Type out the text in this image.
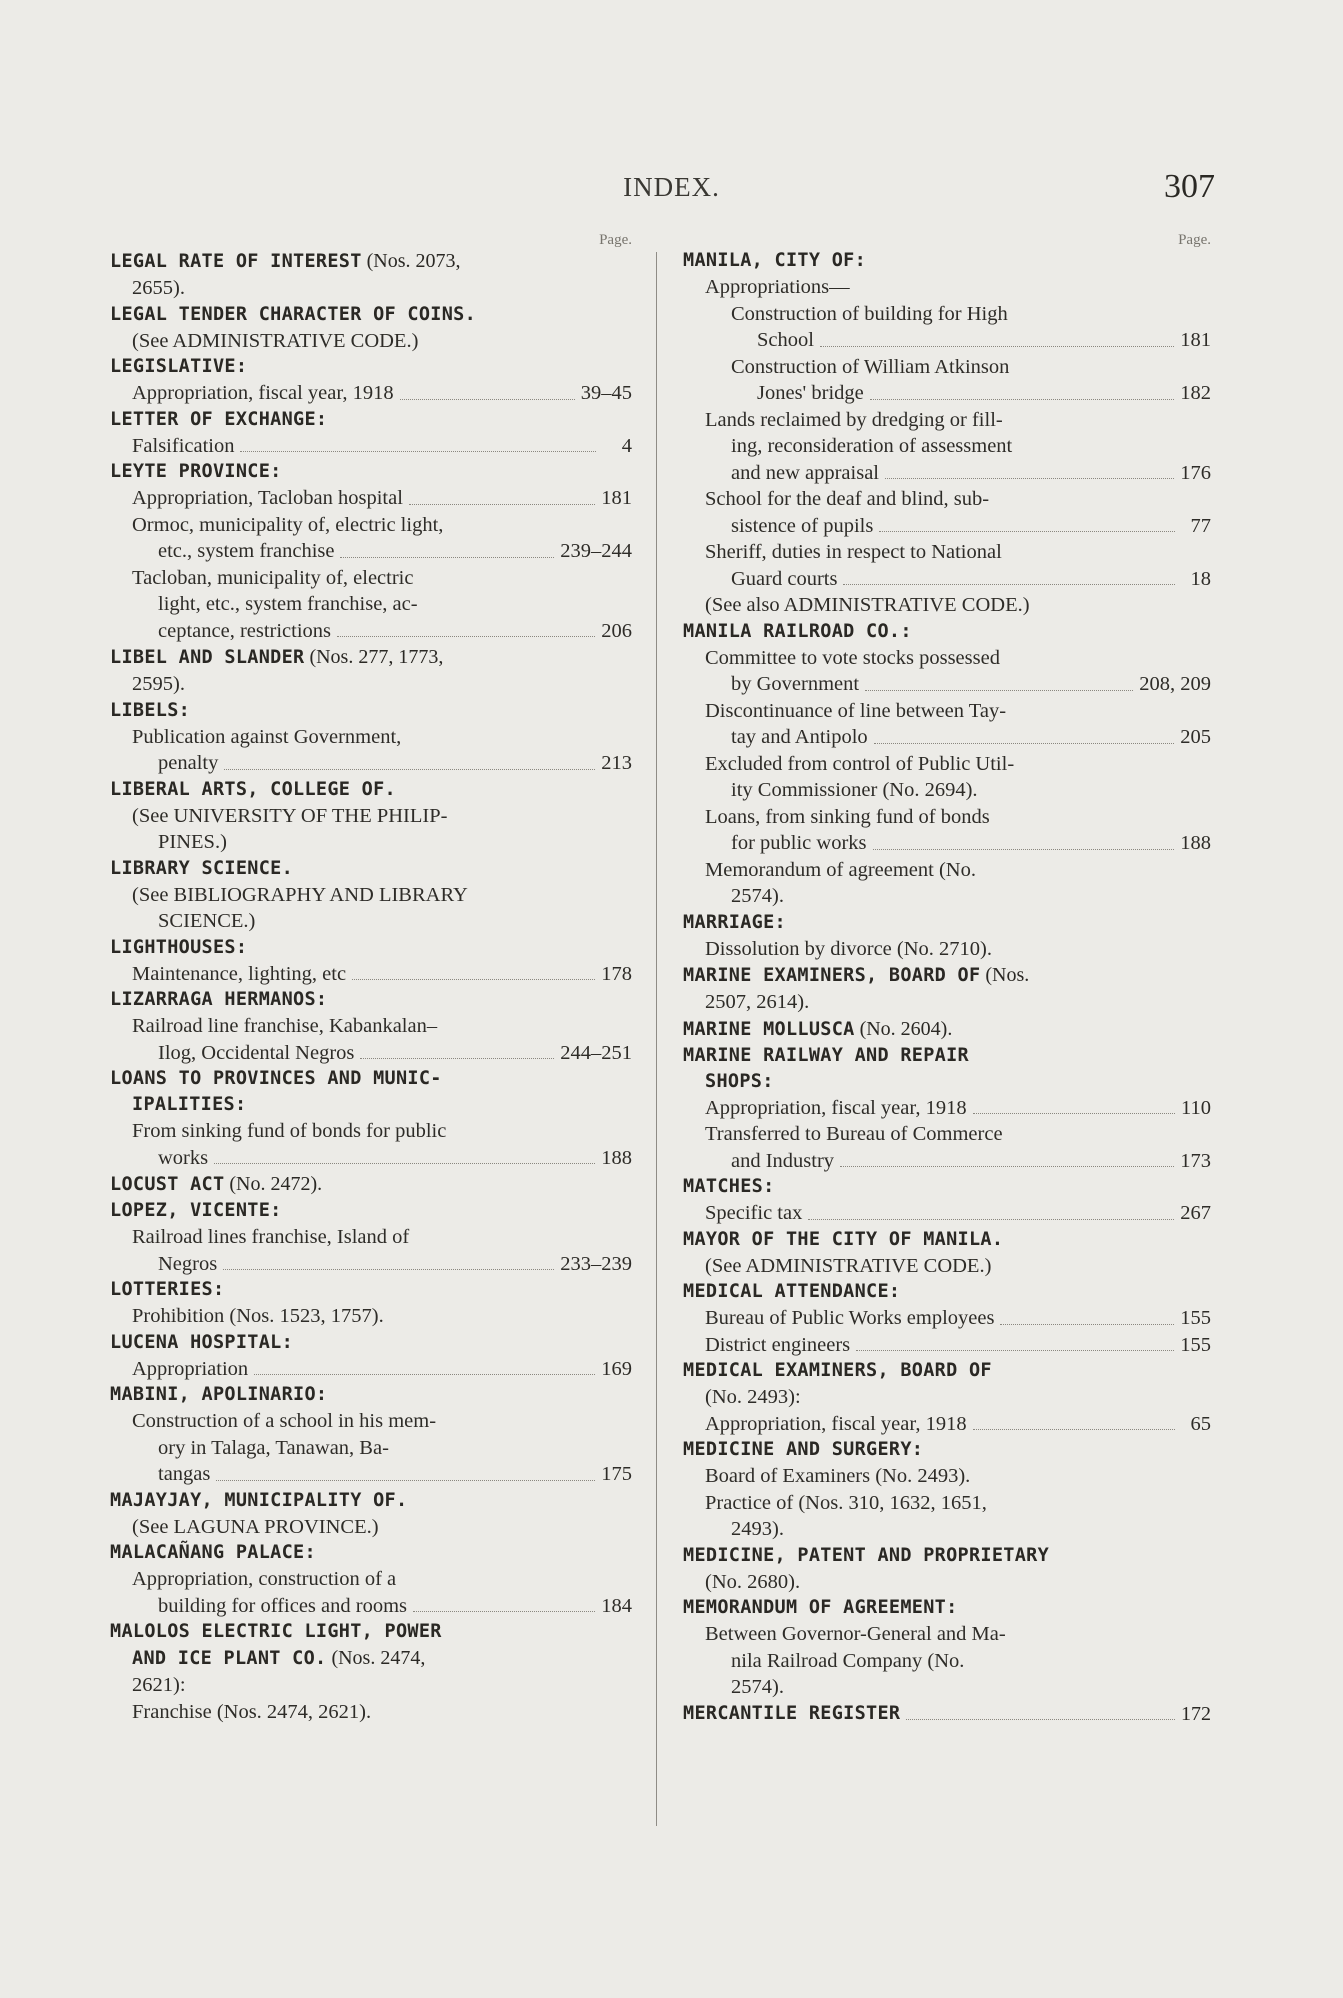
INDEX.	307
Page.
LEGAL RATE OF INTEREST (Nos. 2073,
2655).
LEGAL TENDER CHARACTER OF COINS.
(See ADMINISTRATIVE CODE.)
LEGISLATIVE:
Appropriation, fiscal year, 1918	39–45
LETTER OF EXCHANGE:
Falsification	4
LEYTE PROVINCE:
Appropriation, Tacloban hospital	181
Ormoc, municipality of, electric light,
etc., system franchise	239–244
Tacloban, municipality of, electric
light, etc., system franchise, ac-
ceptance, restrictions	206
LIBEL AND SLANDER (Nos. 277, 1773,
2595).
LIBELS:
Publication against Government,
penalty	213
LIBERAL ARTS, COLLEGE OF.
(See UNIVERSITY OF THE PHILIP-
PINES.)
LIBRARY SCIENCE.
(See BIBLIOGRAPHY AND LIBRARY
SCIENCE.)
LIGHTHOUSES:
Maintenance, lighting, etc	178
LIZARRAGA HERMANOS:
Railroad line franchise, Kabankalan–
Ilog, Occidental Negros	244–251
LOANS TO PROVINCES AND MUNIC-
IPALITIES:
From sinking fund of bonds for public
works	188
LOCUST ACT (No. 2472).
LOPEZ, VICENTE:
Railroad lines franchise, Island of
Negros	233–239
LOTTERIES:
Prohibition (Nos. 1523, 1757).
LUCENA HOSPITAL:
Appropriation	169
MABINI, APOLINARIO:
Construction of a school in his mem-
ory in Talaga, Tanawan, Ba-
tangas	175
MAJAYJAY, MUNICIPALITY OF.
(See LAGUNA PROVINCE.)
MALACAÑANG PALACE:
Appropriation, construction of a
building for offices and rooms	184
MALOLOS ELECTRIC LIGHT, POWER
AND ICE PLANT CO. (Nos. 2474,
2621):
Franchise (Nos. 2474, 2621).
Page.
MANILA, CITY OF:
Appropriations—
Construction of building for High
School	181
Construction of William Atkinson
Jones' bridge	182
Lands reclaimed by dredging or fill-
ing, reconsideration of assessment
and new appraisal	176
School for the deaf and blind, sub-
sistence of pupils	77
Sheriff, duties in respect to National
Guard courts	18
(See also ADMINISTRATIVE CODE.)
MANILA RAILROAD CO.:
Committee to vote stocks possessed
by Government	208, 209
Discontinuance of line between Tay-
tay and Antipolo	205
Excluded from control of Public Util-
ity Commissioner (No. 2694).
Loans, from sinking fund of bonds
for public works	188
Memorandum of agreement (No.
2574).
MARRIAGE:
Dissolution by divorce (No. 2710).
MARINE EXAMINERS, BOARD OF (Nos.
2507, 2614).
MARINE MOLLUSCA (No. 2604).
MARINE RAILWAY AND REPAIR
SHOPS:
Appropriation, fiscal year, 1918	110
Transferred to Bureau of Commerce
and Industry	173
MATCHES:
Specific tax	267
MAYOR OF THE CITY OF MANILA.
(See ADMINISTRATIVE CODE.)
MEDICAL ATTENDANCE:
Bureau of Public Works employees	155
District engineers	155
MEDICAL EXAMINERS, BOARD OF
(No. 2493):
Appropriation, fiscal year, 1918	65
MEDICINE AND SURGERY:
Board of Examiners (No. 2493).
Practice of (Nos. 310, 1632, 1651,
2493).
MEDICINE, PATENT AND PROPRIETARY
(No. 2680).
MEMORANDUM OF AGREEMENT:
Between Governor-General and Ma-
nila Railroad Company (No.
2574).
MERCANTILE REGISTER	172
